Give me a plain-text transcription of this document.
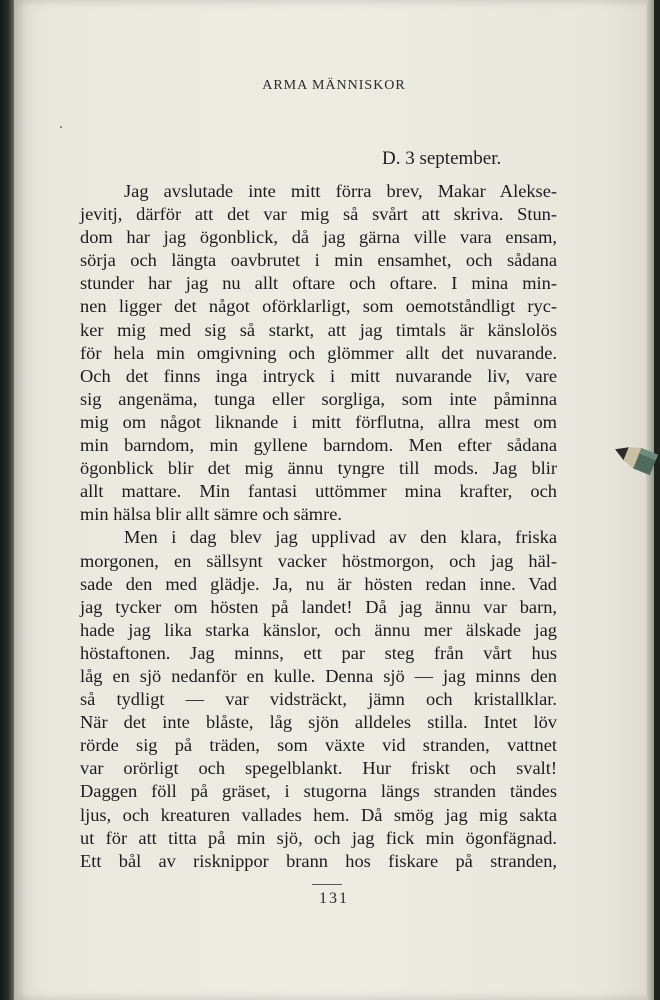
ARMA MÄNNISKOR

D. 3 september.

Jag avslutade inte mitt förra brev, Makar Alekse-
jevitj, därför att det var mig så svårt att skriva. Stun-
dom har jag ögonblick, då jag gärna ville vara ensam,
sörja och längta oavbrutet i min ensamhet, och sådana
stunder har jag nu allt oftare och oftare. I mina min-
nen ligger det något oförklarligt, som oemotståndligt ryc-
ker mig med sig så starkt, att jag timtals är känslolös
för hela min omgivning och glömmer allt det nuvarande.
Och det finns inga intryck i mitt nuvarande liv, vare
sig angenäma, tunga eller sorgliga, som inte påminna
mig om något liknande i mitt förflutna, allra mest om
min barndom, min gyllene barndom. Men efter sådana
ögonblick blir det mig ännu tyngre till mods. Jag blir
allt mattare. Min fantasi uttömmer mina krafter, och
min hälsa blir allt sämre och sämre.
Men i dag blev jag upplivad av den klara, friska
morgonen, en sällsynt vacker höstmorgon, och jag häl-
sade den med glädje. Ja, nu är hösten redan inne. Vad
jag tycker om hösten på landet! Då jag ännu var barn,
hade jag lika starka känslor, och ännu mer älskade jag
höstaftonen. Jag minns, ett par steg från vårt hus
låg en sjö nedanför en kulle. Denna sjö — jag minns den
så tydligt — var vidsträckt, jämn och kristallklar.
När det inte blåste, låg sjön alldeles stilla. Intet löv
rörde sig på träden, som växte vid stranden, vattnet
var orörligt och spegelblankt. Hur friskt och svalt!
Daggen föll på gräset, i stugorna längs stranden tändes
ljus, och kreaturen vallades hem. Då smög jag mig sakta
ut för att titta på min sjö, och jag fick min ögonfägnad.
Ett bål av risknippor brann hos fiskare på stranden,
131
